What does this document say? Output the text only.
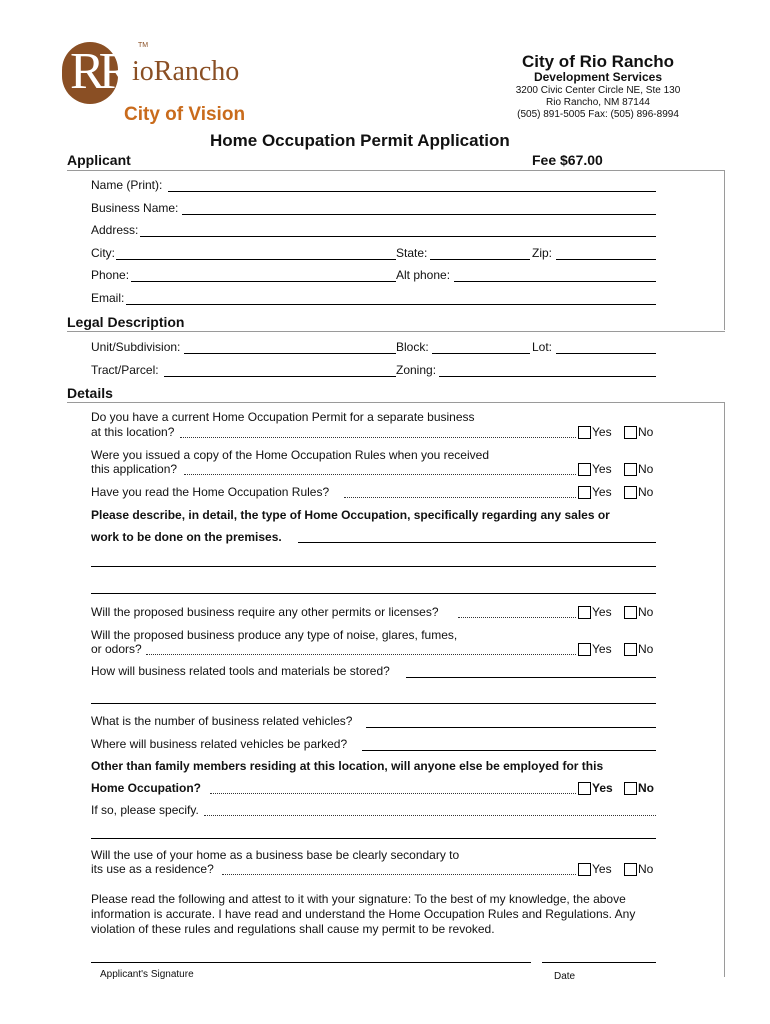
RR TM
ioRancho
City of Vision
City of Rio Rancho
Development Services
3200 Civic Center Circle NE, Ste 130
Rio Rancho, NM 87144
(505) 891-5005 Fax: (505) 896-8994
Home Occupation Permit Application
Applicant	Fee $67.00
Name (Print):
Business Name:
Address:
City:	State:	Zip:
Phone:	Alt phone:
Email:
Legal Description
Unit/Subdivision:	Block:	Lot:
Tract/Parcel:	Zoning:
Details
Do you have a current Home Occupation Permit for a separate business
at this location?	Yes No
Were you issued a copy of the Home Occupation Rules when you received
this application?	Yes No
Have you read the Home Occupation Rules?	Yes No
Please describe, in detail, the type of Home Occupation, specifically regarding any sales or
work to be done on the premises.
Will the proposed business require any other permits or licenses?	Yes No
Will the proposed business produce any type of noise, glares, fumes,
or odors?	Yes No
How will business related tools and materials be stored?
What is the number of business related vehicles?
Where will business related vehicles be parked?
Other than family members residing at this location, will anyone else be employed for this
Home Occupation?	Yes No
If so, please specify.
Will the use of your home as a business base be clearly secondary to
its use as a residence?	Yes No
Please read the following and attest to it with your signature: To the best of my knowledge, the above information is accurate. I have read and understand the Home Occupation Rules and Regulations. Any violation of these rules and regulations shall cause my permit to be revoked.
Applicant's Signature	Date
